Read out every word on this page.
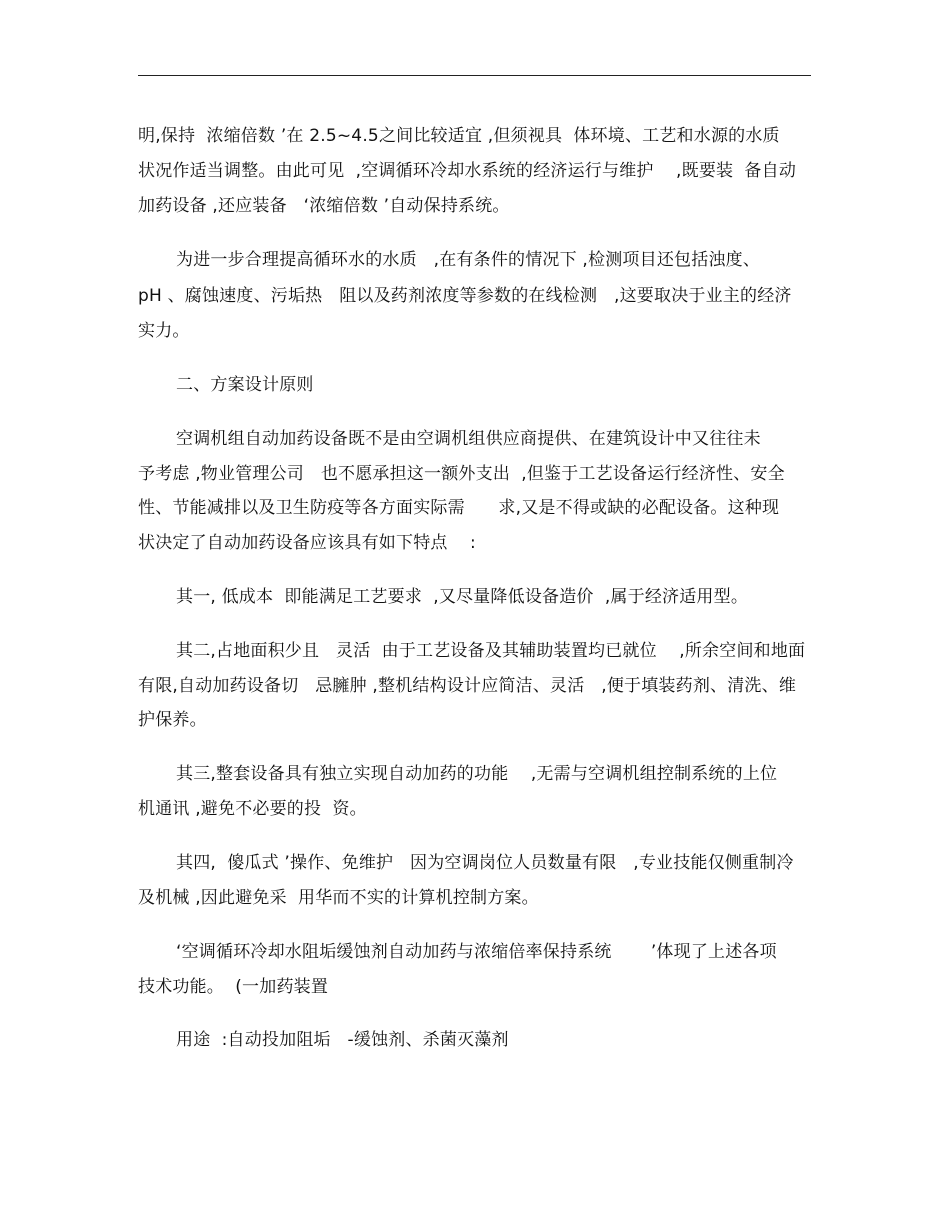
明,保持  浓缩倍数 ’在 2.5~4.5之间比较适宜 ,但须视具  体环境、工艺和水源的水质
状况作适当调整。由此可见  ,空调循环冷却水系统的经济运行与维护    ,既要装  备自动
加药设备 ,还应装备   ‘浓缩倍数 ’自动保持系统。
为进一步合理提高循环水的水质   ,在有条件的情况下 ,检测项目还包括浊度、
pH 、腐蚀速度、污垢热   阻以及药剂浓度等参数的在线检测   ,这要取决于业主的经济
实力。
二、方案设计原则
空调机组自动加药设备既不是由空调机组供应商提供、在建筑设计中又往往未
予考虑 ,物业管理公司   也不愿承担这一额外支出  ,但鉴于工艺设备运行经济性、安全
性、节能减排以及卫生防疫等各方面实际需      求,又是不得或缺的必配设备。这种现
状决定了自动加药设备应该具有如下特点    :
其一, 低成本  即能满足工艺要求  ,又尽量降低设备造价  ,属于经济适用型。
其二,占地面积少且   灵活  由于工艺设备及其辅助装置均已就位    ,所余空间和地面
有限,自动加药设备切   忌臃肿 ,整机结构设计应简洁、灵活   ,便于填装药剂、清洗、维
护保养。
其三,整套设备具有独立实现自动加药的功能    ,无需与空调机组控制系统的上位
机通讯 ,避免不必要的投  资。
其四,  傻瓜式 ’操作、免维护   因为空调岗位人员数量有限   ,专业技能仅侧重制冷
及机械 ,因此避免采  用华而不实的计算机控制方案。
‘空调循环冷却水阻垢缓蚀剂自动加药与浓缩倍率保持系统       ’体现了上述各项
技术功能。  (一加药装置
用途  :自动投加阻垢   -缓蚀剂、杀菌灭藻剂
